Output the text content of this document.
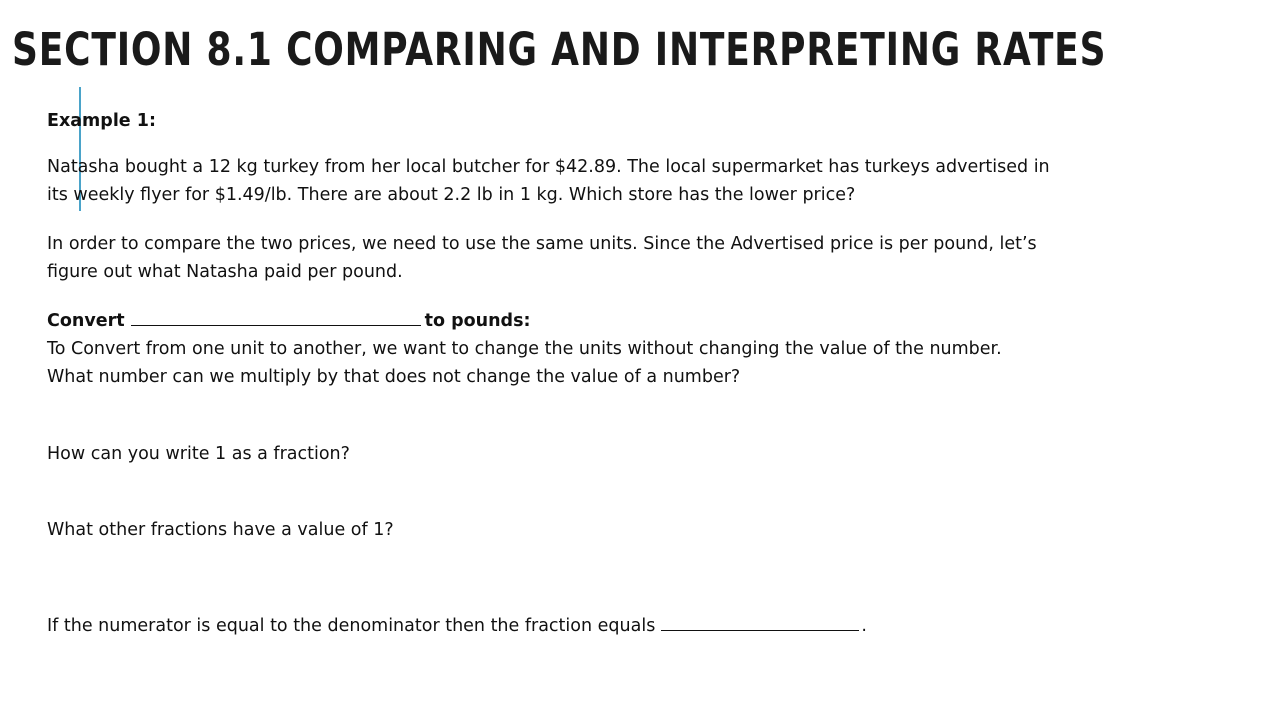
SECTION 8.1 COMPARING AND INTERPRETING RATES
Example 1:
Natasha bought a 12 kg turkey from her local butcher for $42.89. The local supermarket has turkeys advertised in
its weekly flyer for $1.49/lb. There are about 2.2 lb in 1 kg. Which store has the lower price?
In order to compare the two prices, we need to use the same units. Since the Advertised price is per pound, let’s
figure out what Natasha paid per pound.
Convert	to pounds:
To Convert from one unit to another, we want to change the units without changing the value of the number.
What number can we multiply by that does not change the value of a number?
How can you write 1 as a fraction?
What other fractions have a value of 1?
If the numerator is equal to the denominator then the fraction equals	.
